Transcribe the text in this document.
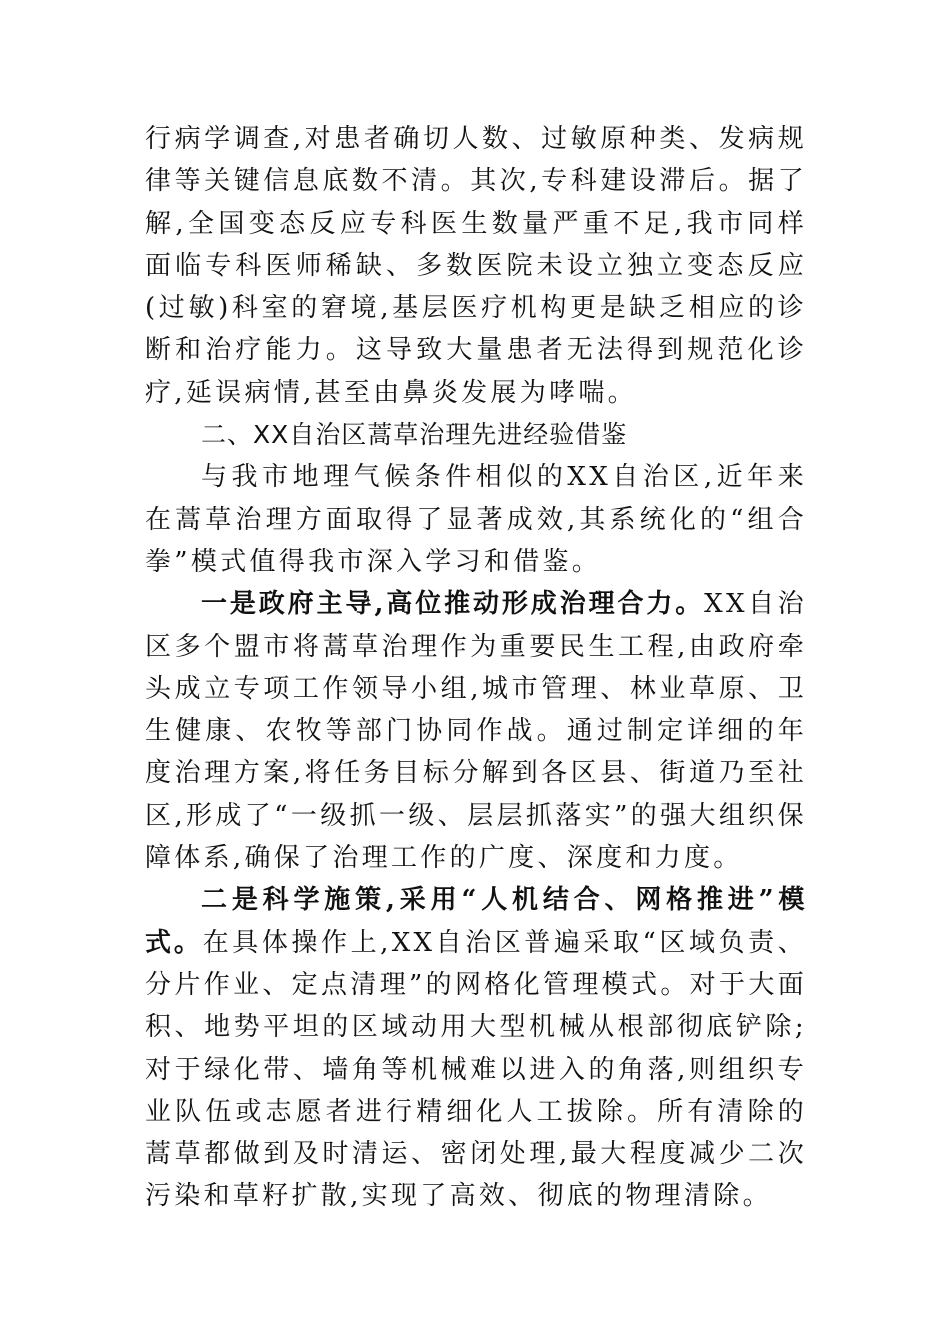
行病学调查,对患者确切人数、过敏原种类、发病规律等关键信息底数不清。其次,专科建设滞后。据了解,全国变态反应专科医生数量严重不足,我市同样面临专科医师稀缺、多数医院未设立独立变态反应(过敏)科室的窘境,基层医疗机构更是缺乏相应的诊断和治疗能力。这导致大量患者无法得到规范化诊疗,延误病情,甚至由鼻炎发展为哮喘。

二、XX自治区蒿草治理先进经验借鉴

与我市地理气候条件相似的XX自治区,近年来在蒿草治理方面取得了显著成效,其系统化的“组合拳”模式值得我市深入学习和借鉴。

一是政府主导,高位推动形成治理合力。XX自治区多个盟市将蒿草治理作为重要民生工程,由政府牵头成立专项工作领导小组,城市管理、林业草原、卫生健康、农牧等部门协同作战。通过制定详细的年度治理方案,将任务目标分解到各区县、街道乃至社区,形成了“一级抓一级、层层抓落实”的强大组织保障体系,确保了治理工作的广度、深度和力度。

二是科学施策,采用“人机结合、网格推进”模式。在具体操作上,XX自治区普遍采取“区域负责、分片作业、定点清理”的网格化管理模式。对于大面积、地势平坦的区域动用大型机械从根部彻底铲除;对于绿化带、墙角等机械难以进入的角落,则组织专业队伍或志愿者进行精细化人工拔除。所有清除的蒿草都做到及时清运、密闭处理,最大程度减少二次污染和草籽扩散,实现了高效、彻底的物理清除。
